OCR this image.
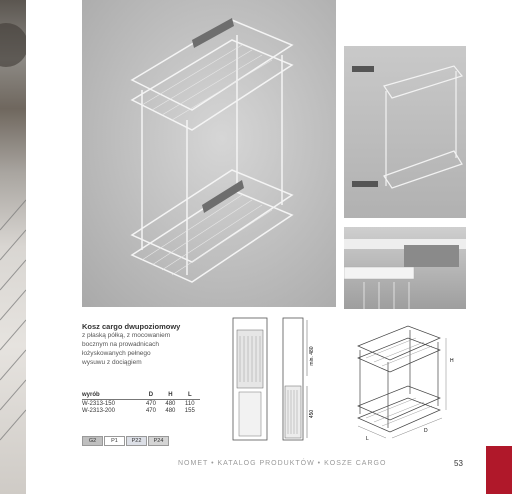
Kosz cargo dwupoziomowy
z płaską półką, z mocowaniem
bocznym na prowadnicach
łożyskowanych pełnego
wysuwu z dociągiem
wyrób	D	H	L
W-2313-150	470	480	110
W-2313-200	470	480	155
G2	P1	P22	P24
min. 480
450
H
D
L
NOMET • KATALOG PRODUKTÓW • KOSZE CARGO	53
